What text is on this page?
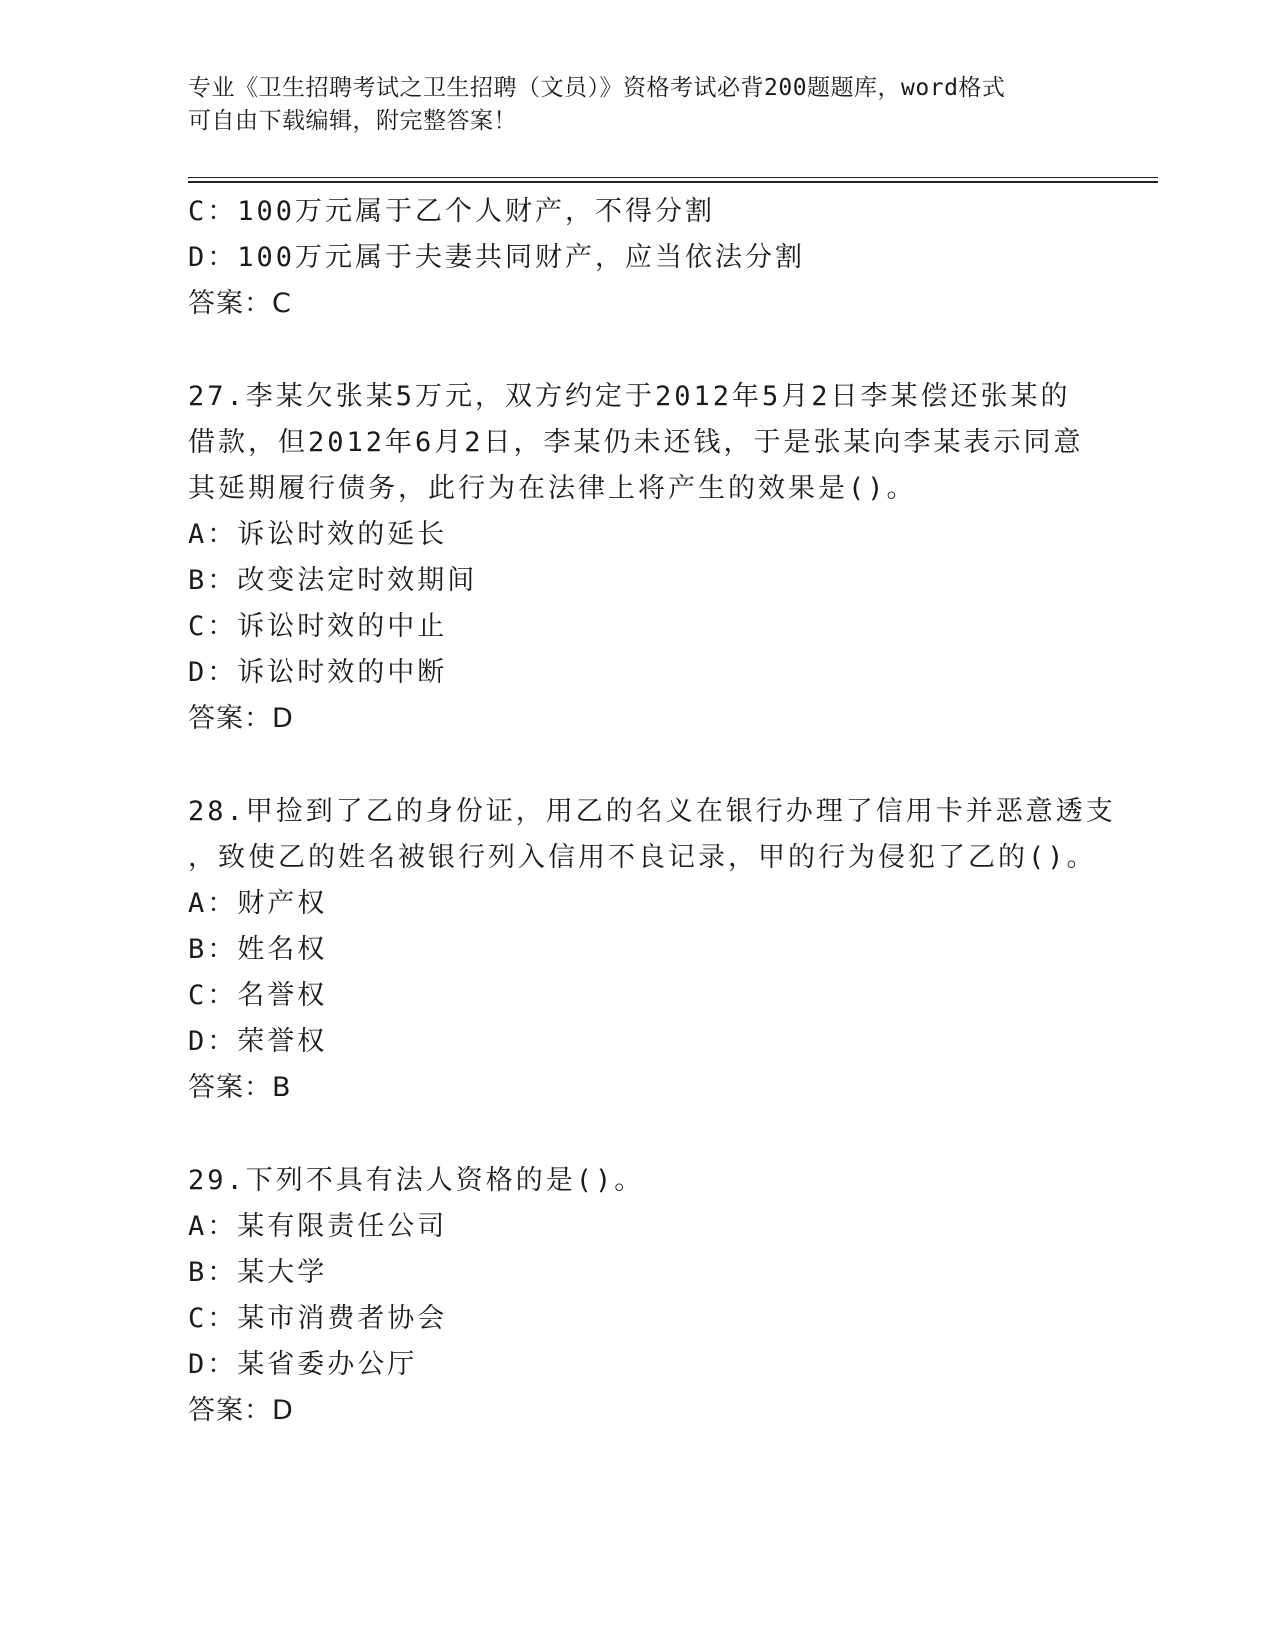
专业《卫生招聘考试之卫生招聘（文员）》资格考试必背200题题库，word格式
可自由下载编辑，附完整答案！
C：100万元属于乙个人财产，不得分割
D：100万元属于夫妻共同财产，应当依法分割
答案：C
27.李某欠张某5万元，双方约定于2012年5月2日李某偿还张某的
借款，但2012年6月2日，李某仍未还钱，于是张某向李某表示同意
其延期履行债务，此行为在法律上将产生的效果是()。
A：诉讼时效的延长
B：改变法定时效期间
C：诉讼时效的中止
D：诉讼时效的中断
答案：D
28.甲捡到了乙的身份证，用乙的名义在银行办理了信用卡并恶意透支
，致使乙的姓名被银行列入信用不良记录，甲的行为侵犯了乙的()。
A：财产权
B：姓名权
C：名誉权
D：荣誉权
答案：B
29.下列不具有法人资格的是()。
A：某有限责任公司
B：某大学
C：某市消费者协会
D：某省委办公厅
答案：D
